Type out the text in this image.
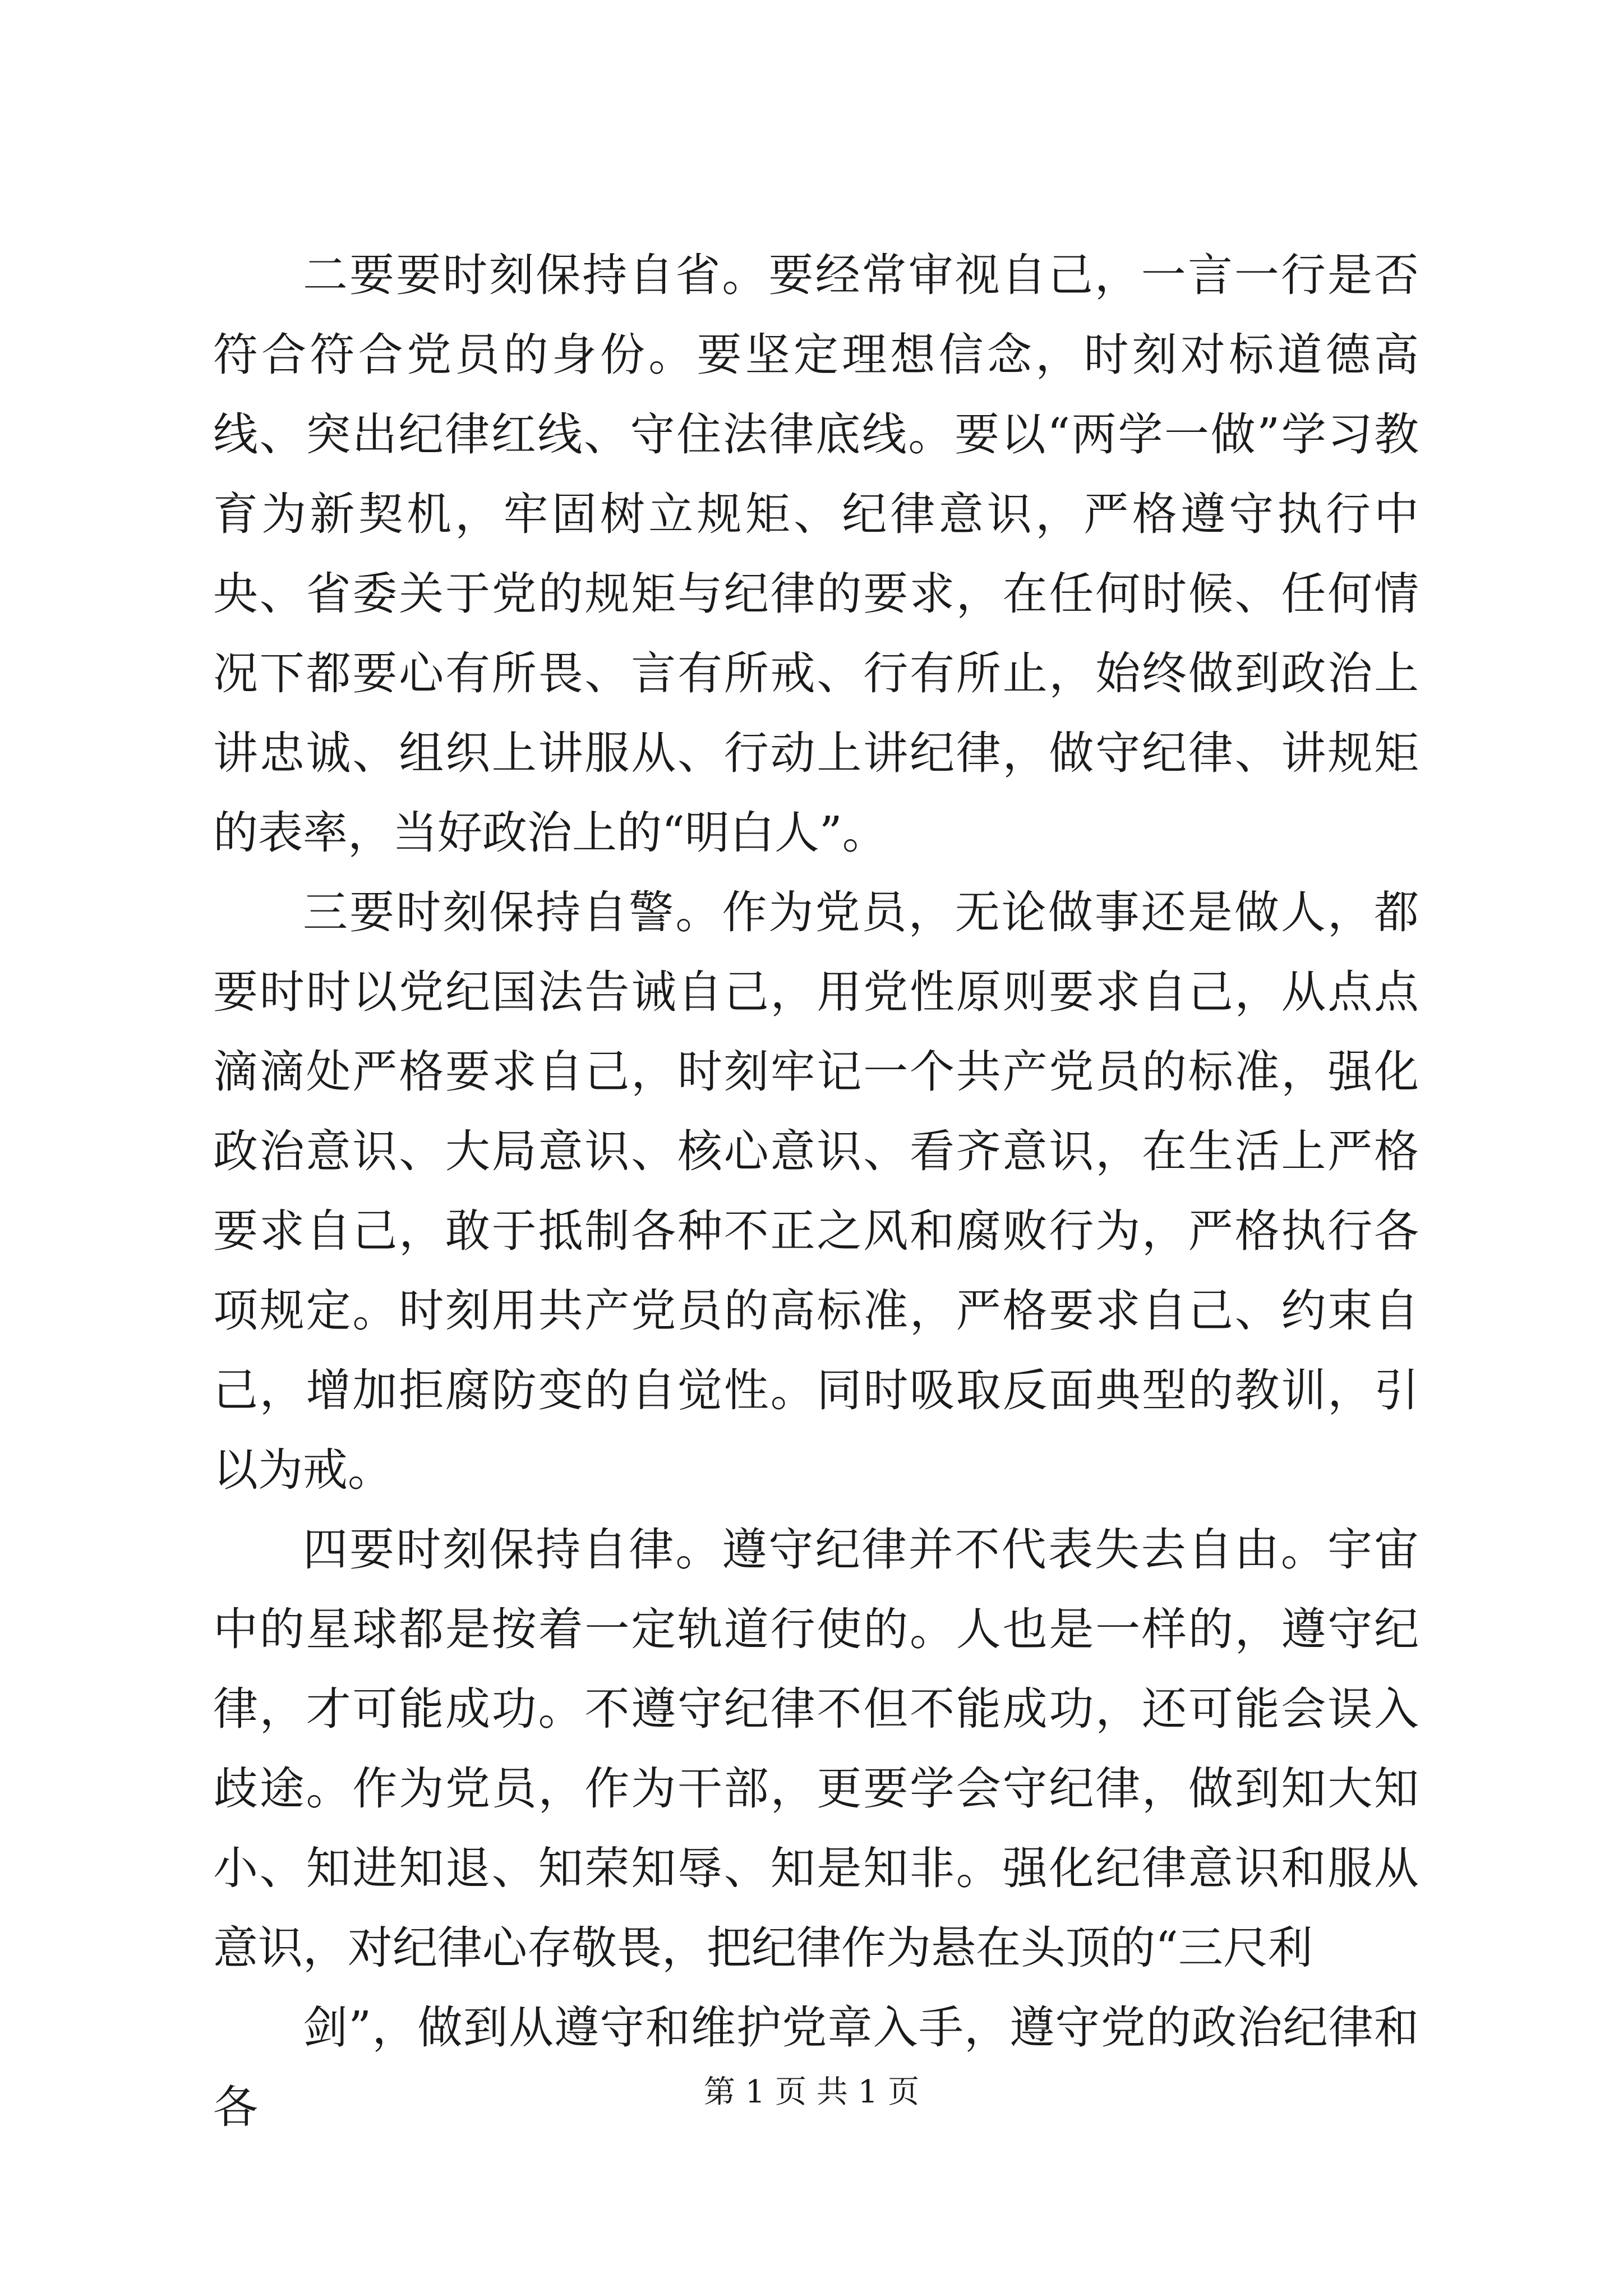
二要要时刻保持自省。要经常审视自己，一言一行是否符合符合党员的身份。要坚定理想信念，时刻对标道德高线、突出纪律红线、守住法律底线。要以“两学一做”学习教育为新契机，牢固树立规矩、纪律意识，严格遵守执行中央、省委关于党的规矩与纪律的要求，在任何时候、任何情况下都要心有所畏、言有所戒、行有所止，始终做到政治上讲忠诚、组织上讲服从、行动上讲纪律，做守纪律、讲规矩的表率，当好政治上的“明白人”。

三要时刻保持自警。作为党员，无论做事还是做人，都要时时以党纪国法告诫自己，用党性原则要求自己，从点点滴滴处严格要求自己，时刻牢记一个共产党员的标准，强化政治意识、大局意识、核心意识、看齐意识，在生活上严格要求自己，敢于抵制各种不正之风和腐败行为，严格执行各项规定。时刻用共产党员的高标准，严格要求自己、约束自己，增加拒腐防变的自觉性。同时吸取反面典型的教训，引以为戒。

四要时刻保持自律。遵守纪律并不代表失去自由。宇宙中的星球都是按着一定轨道行使的。人也是一样的，遵守纪律，才可能成功。不遵守纪律不但不能成功，还可能会误入歧途。作为党员，作为干部，更要学会守纪律，做到知大知小、知进知退、知荣知辱、知是知非。强化纪律意识和服从意识，对纪律心存敬畏，把纪律作为悬在头顶的“三尺利

剑”，做到从遵守和维护党章入手，遵守党的政治纪律和各	第 1 页 共 1 页
